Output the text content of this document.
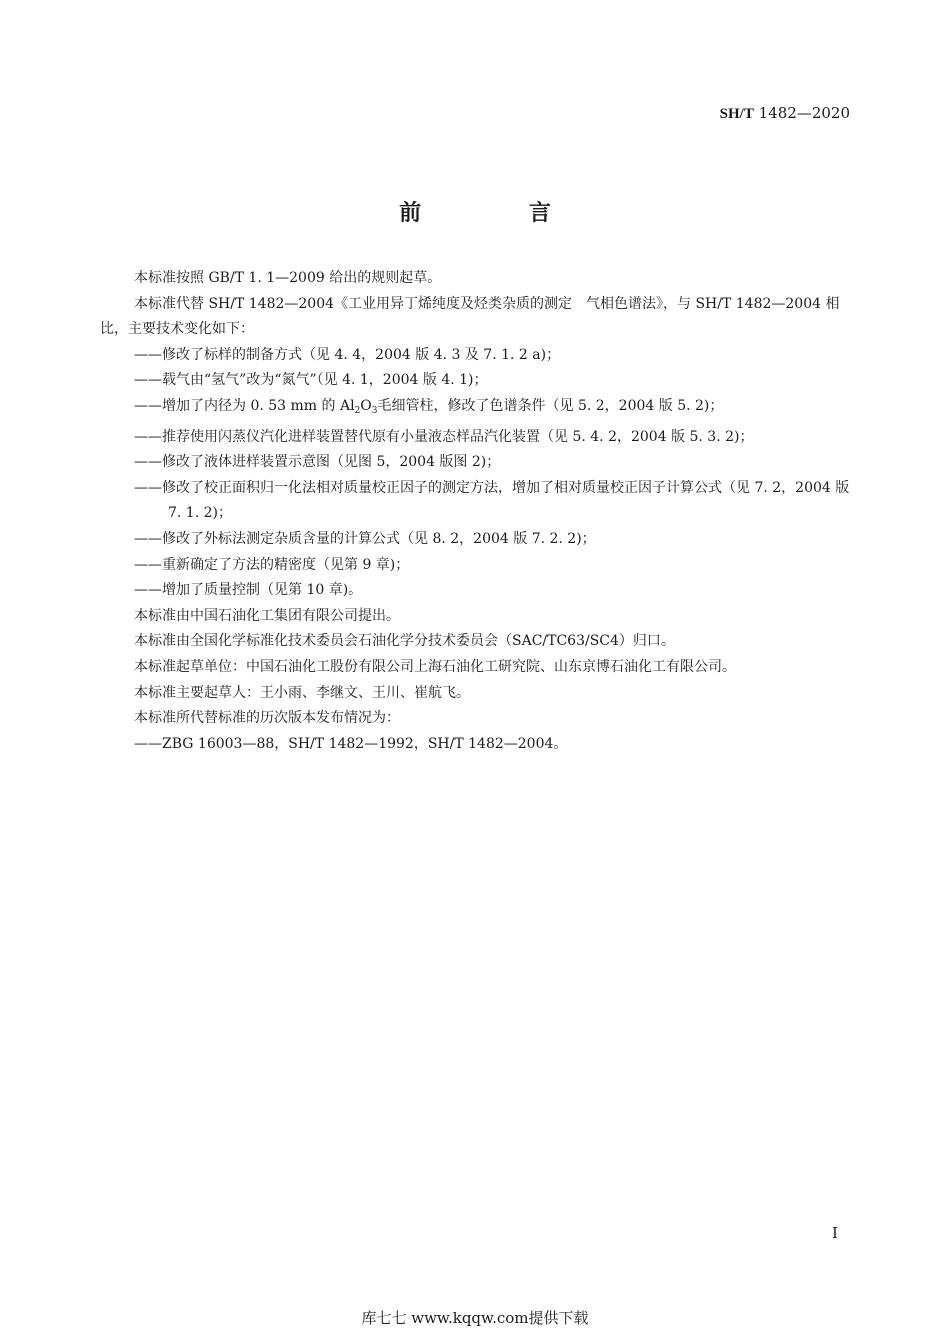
SH/T 1482—2020
前 言
本标准按照 GB/T 1. 1—2009 给出的规则起草。
本标准代替 SH/T 1482—2004《工业用异丁烯纯度及烃类杂质的测定　气相色谱法》，与 SH/T 1482—2004 相比，主要技术变化如下：
——修改了标样的制备方式（见 4. 4，2004 版 4. 3 及 7. 1. 2 a)；
——载气由“氢气”改为“氮气”（见 4. 1，2004 版 4. 1)；
——增加了内径为 0. 53 mm 的 $Al_2O_3$毛细管柱，修改了色谱条件（见 5. 2，2004 版 5. 2)；
——推荐使用闪蒸仪汽化进样装置替代原有小量液态样品汽化装置（见 5. 4. 2，2004 版 5. 3. 2)；
——修改了液体进样装置示意图（见图 5，2004 版图 2)；
——修改了校正面积归一化法相对质量校正因子的测定方法，增加了相对质量校正因子计算公式（见 7. 2，2004 版 7. 1. 2)；
——修改了外标法测定杂质含量的计算公式（见 8. 2，2004 版 7. 2. 2)；
——重新确定了方法的精密度（见第 9 章)；
——增加了质量控制（见第 10 章)。
本标准由中国石油化工集团有限公司提出。
本标准由全国化学标准化技术委员会石油化学分技术委员会（SAC/TC63/SC4）归口。
本标准起草单位：中国石油化工股份有限公司上海石油化工研究院、山东京博石油化工有限公司。
本标准主要起草人：王小雨、李继文、王川、崔航飞。
本标准所代替标准的历次版本发布情况为：
——ZBG 16003—88，SH/T 1482—1992，SH/T 1482—2004。
I
库七七 www.kqqw.com提供下载
